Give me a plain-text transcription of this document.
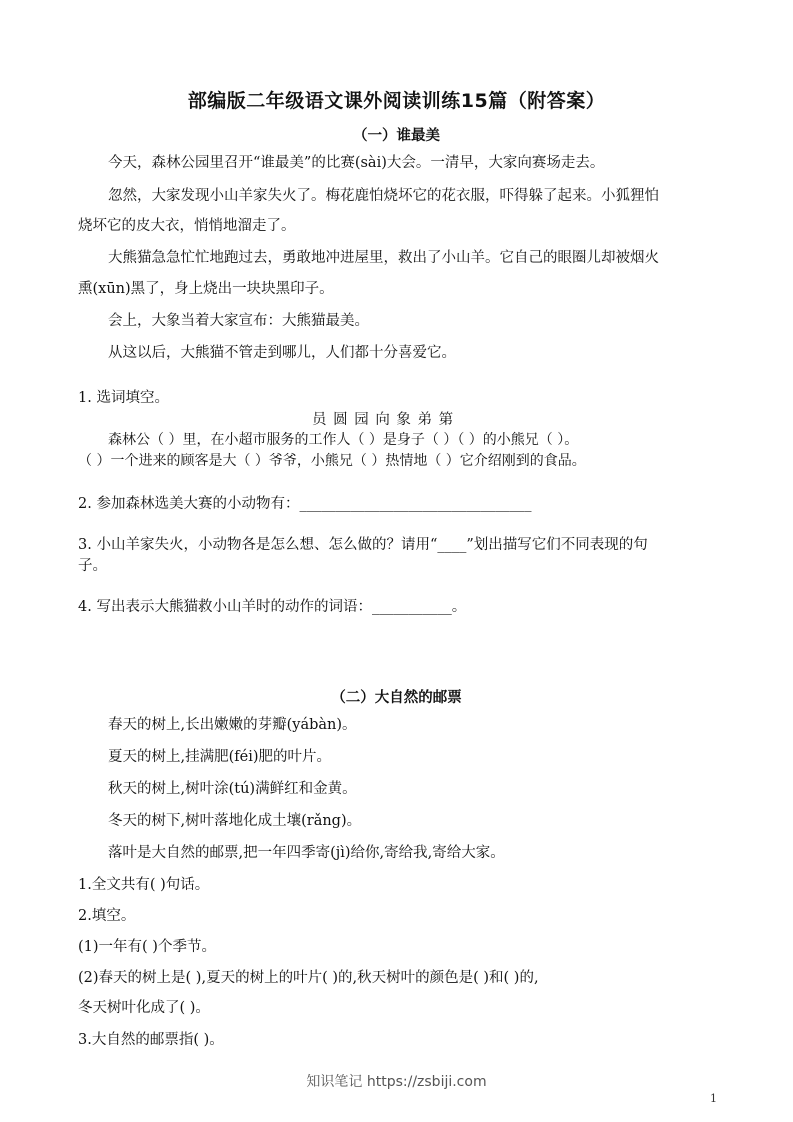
部编版二年级语文课外阅读训练15篇（附答案）
（一）谁最美
今天，森林公园里召开“谁最美”的比赛(sài)大会。一清早，大家向赛场走去。
忽然，大家发现小山羊家失火了。梅花鹿怕烧坏它的花衣服，吓得躲了起来。小狐狸怕
烧坏它的皮大衣，悄悄地溜走了。
大熊猫急急忙忙地跑过去，勇敢地冲进屋里，救出了小山羊。它自己的眼圈儿却被烟火
熏(xūn)黑了，身上烧出一块块黑印子。
会上，大象当着大家宣布：大熊猫最美。
从这以后，大熊猫不管走到哪儿，人们都十分喜爱它。
1. 选词填空。
员 圆 园 向 象 弟 第
森林公（ ）里，在小超市服务的工作人（ ）是身子（ ）（ ）的小熊兄（ ）。
（ ）一个进来的顾客是大（ ）爷爷，小熊兄（ ）热情地（ ）它介绍刚到的食品。
2. 参加森林选美大赛的小动物有：________________________________
3. 小山羊家失火，小动物各是怎么想、怎么做的？请用“____”划出描写它们不同表现的句
子。
4. 写出表示大熊猫救小山羊时的动作的词语：___________。
（二）大自然的邮票
春天的树上,长出嫩嫩的芽瓣(yábàn)。
夏天的树上,挂满肥(féi)肥的叶片。
秋天的树上,树叶涂(tú)满鲜红和金黄。
冬天的树下,树叶落地化成土壤(rǎng)。
落叶是大自然的邮票,把一年四季寄(jì)给你,寄给我,寄给大家。
1.全文共有( )句话。
2.填空。
(1)一年有( )个季节。
(2)春天的树上是( ),夏天的树上的叶片( )的,秋天树叶的颜色是( )和( )的,
冬天树叶化成了( )。
3.大自然的邮票指( )。
知识笔记 https://zsbiji.com
1
